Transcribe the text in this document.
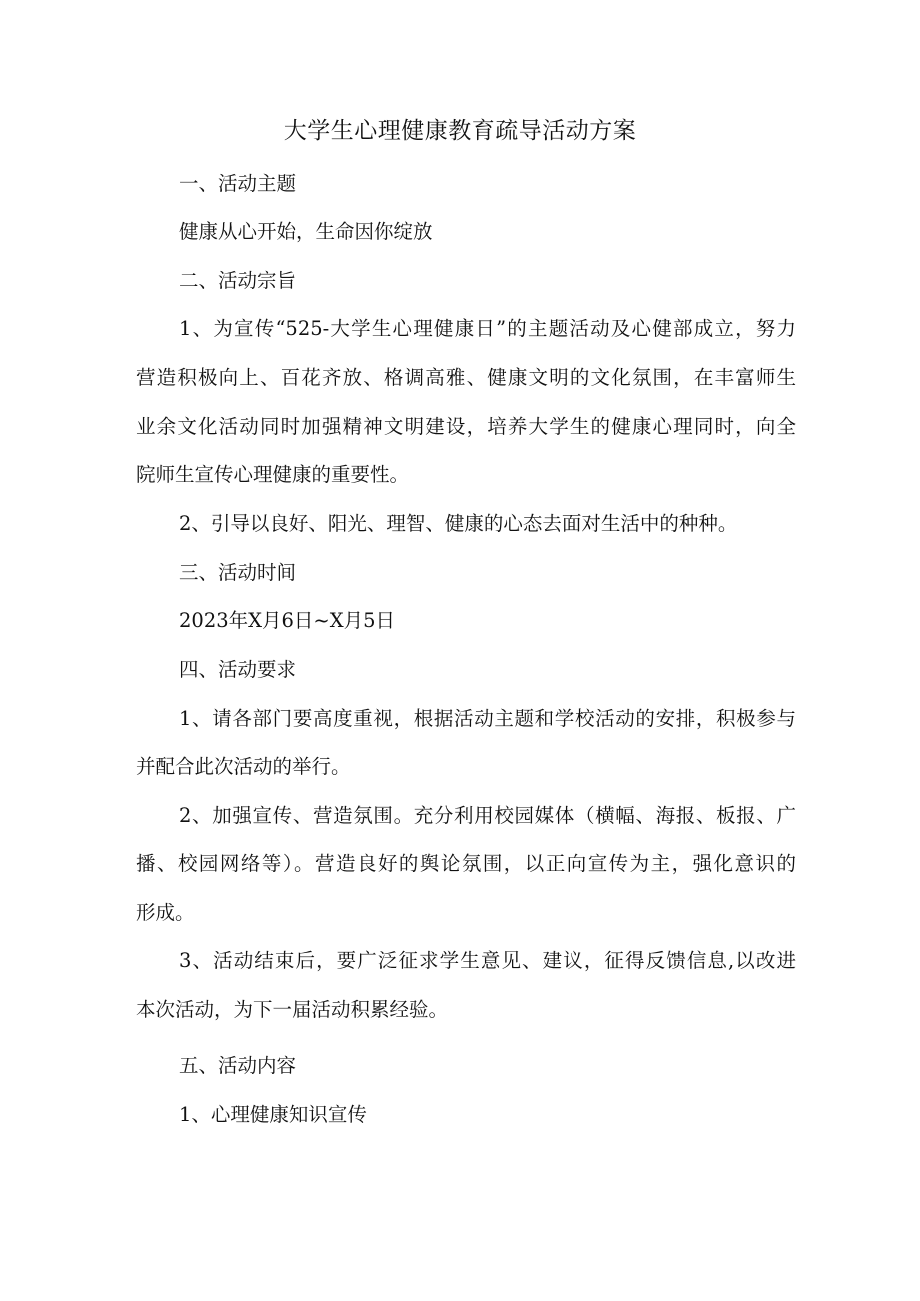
大学生心理健康教育疏导活动方案
一、活动主题
健康从心开始，生命因你绽放
二、活动宗旨
1、为宣传“525-大学生心理健康日”的主题活动及心健部成立，努力
营造积极向上、百花齐放、格调高雅、健康文明的文化氛围，在丰富师生
业余文化活动同时加强精神文明建设，培养大学生的健康心理同时，向全
院师生宣传心理健康的重要性。
2、引导以良好、阳光、理智、健康的心态去面对生活中的种种。
三、活动时间
2023年X月6日~X月5日
四、活动要求
1、请各部门要高度重视，根据活动主题和学校活动的安排，积极参与
并配合此次活动的举行。
2、加强宣传、营造氛围。充分利用校园媒体（横幅、海报、板报、广
播、校园网络等）。营造良好的舆论氛围，以正向宣传为主，强化意识的
形成。
3、活动结束后，要广泛征求学生意见、建议，征得反馈信息,以改进
本次活动，为下一届活动积累经验。
五、活动内容
1、心理健康知识宣传
